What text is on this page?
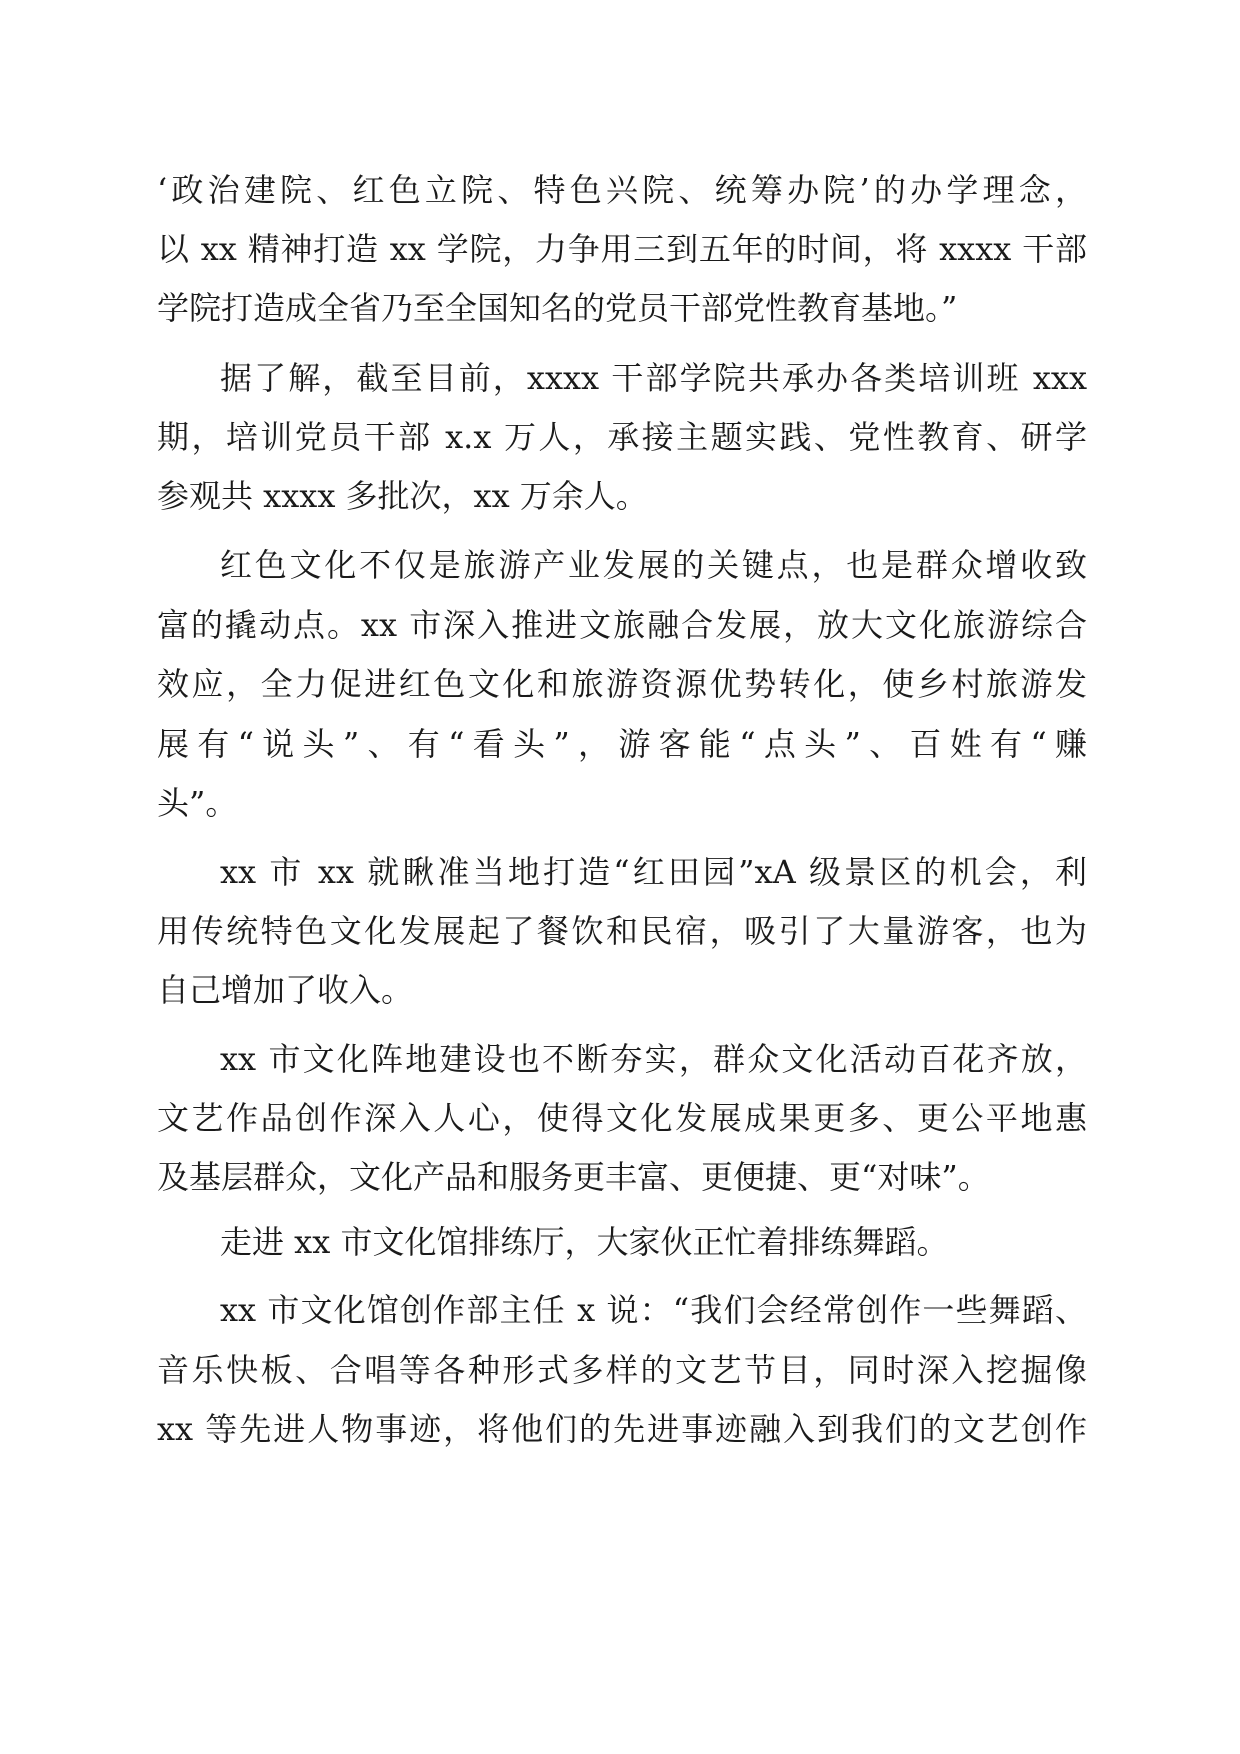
‘政治建院、红色立院、特色兴院、统筹办院’的办学理念，
以 xx 精神打造 xx 学院，力争用三到五年的时间，将 xxxx 干部
学院打造成全省乃至全国知名的党员干部党性教育基地。”
据了解，截至目前，xxxx 干部学院共承办各类培训班 xxx
期，培训党员干部 x.x 万人，承接主题实践、党性教育、研学
参观共 xxxx 多批次，xx 万余人。
红色文化不仅是旅游产业发展的关键点，也是群众增收致
富的撬动点。xx 市深入推进文旅融合发展，放大文化旅游综合
效应，全力促进红色文化和旅游资源优势转化，使乡村旅游发
展有“说头”、有“看头”，游客能“点头”、百姓有“赚
头”。
xx 市 xx 就瞅准当地打造“红田园”xA 级景区的机会，利
用传统特色文化发展起了餐饮和民宿，吸引了大量游客，也为
自己增加了收入。
xx 市文化阵地建设也不断夯实，群众文化活动百花齐放，
文艺作品创作深入人心，使得文化发展成果更多、更公平地惠
及基层群众，文化产品和服务更丰富、更便捷、更“对味”。
走进 xx 市文化馆排练厅，大家伙正忙着排练舞蹈。
xx 市文化馆创作部主任 x 说：“我们会经常创作一些舞蹈、
音乐快板、合唱等各种形式多样的文艺节目，同时深入挖掘像
xx 等先进人物事迹，将他们的先进事迹融入到我们的文艺创作
